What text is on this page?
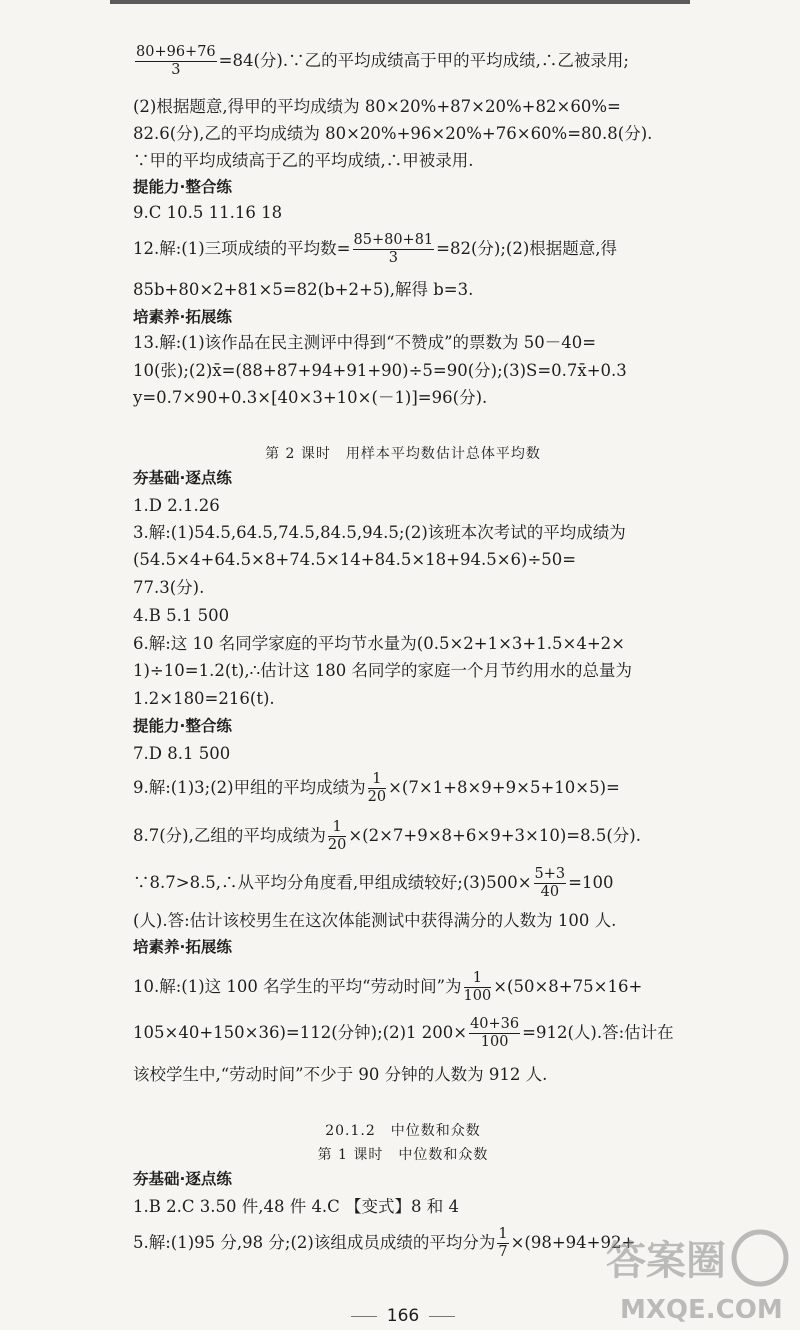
$\frac{80+96+76}{3} =84$(分).∵乙的平均成绩高于甲的平均成绩,∴乙被录用;
(2)根据题意,得甲的平均成绩为 80×20%+87×20%+82×60%=
82.6(分),乙的平均成绩为 80×20%+96×20%+76×60%=80.8(分).
∵甲的平均成绩高于乙的平均成绩,∴甲被录用.
提能力·整合练
9.C 10.5 11.16 18
12.解:(1)三项成绩的平均数= $\frac{85+80+81}{3} =82$(分);(2)根据题意,得
85b+80×2+81×5=82(b+2+5),解得 b=3.
培素养·拓展练
13.解:(1)该作品在民主测评中得到“不赞成”的票数为 50－40=
10(张);(2)x̄=(88+87+94+91+90)÷5=90(分);(3)S=0.7x̄+0.3
y=0.7×90+0.3×[40×3+10×(－1)]=96(分).
第 2 课时　用样本平均数估计总体平均数
夯基础·逐点练
1.D 2.1.26
3.解:(1)54.5,64.5,74.5,84.5,94.5;(2)该班本次考试的平均成绩为
(54.5×4+64.5×8+74.5×14+84.5×18+94.5×6)÷50=
77.3(分).
4.B 5.1 500
6.解:这 10 名同学家庭的平均节水量为(0.5×2+1×3+1.5×4+2×
1)÷10=1.2(t),∴估计这 180 名同学的家庭一个月节约用水的总量为
1.2×180=216(t).
提能力·整合练
7.D 8.1 500
9.解:(1)3;(2)甲组的平均成绩为 $\frac{1}{20} \times(7\times 1+8\times 9+9\times 5+10\times 5)=$
8.7(分),乙组的平均成绩为 $\frac{1}{20} \times(2\times 7+9\times 8+6\times 9+3\times 10)=8.5$(分).
∵8.7>8.5,∴从平均分角度看,甲组成绩较好;(3)500× $\frac{5+3}{40} =100$
(人).答:估计该校男生在这次体能测试中获得满分的人数为 100 人.
培素养·拓展练
10.解:(1)这 100 名学生的平均“劳动时间”为 $\frac{1}{100} \times(50\times 8+75\times 16+$
105×40+150×36)=112(分钟);(2)1 $200\times \frac{40+36}{100} =912$(人).答:估计在
该校学生中,“劳动时间”不少于 90 分钟的人数为 912 人.
20.1.2　中位数和众数
第 1 课时　中位数和众数
夯基础·逐点练
1.B 2.C 3.50 件,48 件 4.C 【变式】8 和 4
5.解:(1)95 分,98 分;(2)该组成员成绩的平均分为 $\frac{1}{7} \times(98+94+92+$
166
答案圈
MXQE.COM
